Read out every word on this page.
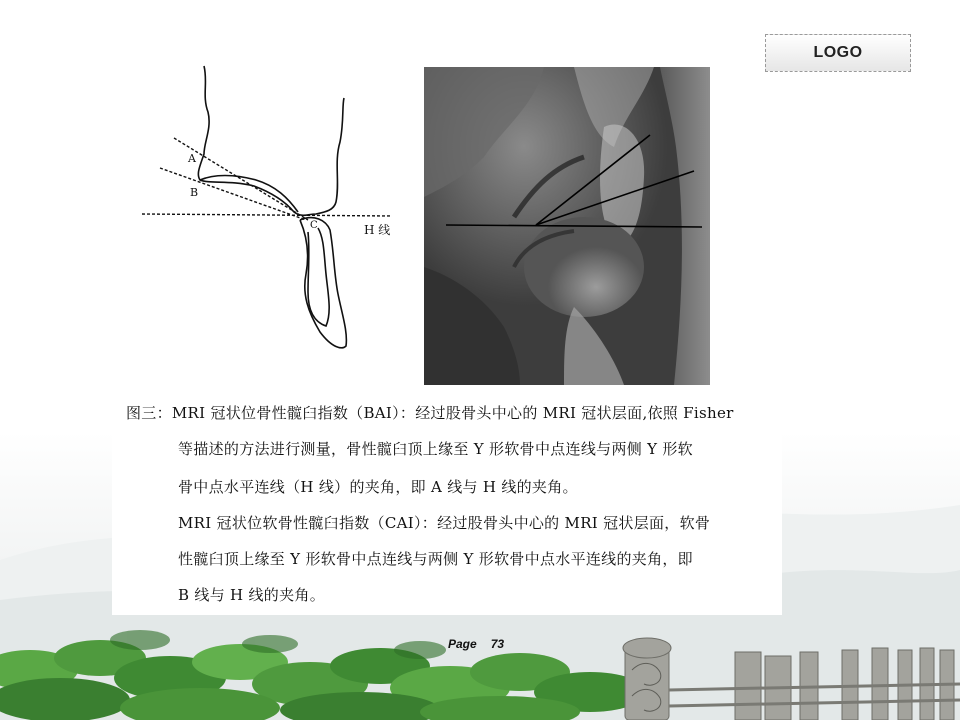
LOGO
A
B
C	H 线
图三：MRI 冠状位骨性髋臼指数（BAI）：经过股骨头中心的 MRI 冠状层面,依照 Fisher
等描述的方法进行测量，骨性髋臼顶上缘至 Y 形软骨中点连线与两侧 Y 形软
骨中点水平连线（H 线）的夹角，即 A 线与 H 线的夹角。
MRI 冠状位软骨性髋臼指数（CAI）：经过股骨头中心的 MRI 冠状层面，软骨
性髋臼顶上缘至 Y 形软骨中点连线与两侧 Y 形软骨中点水平连线的夹角，即
B 线与 H 线的夹角。
Page 73
